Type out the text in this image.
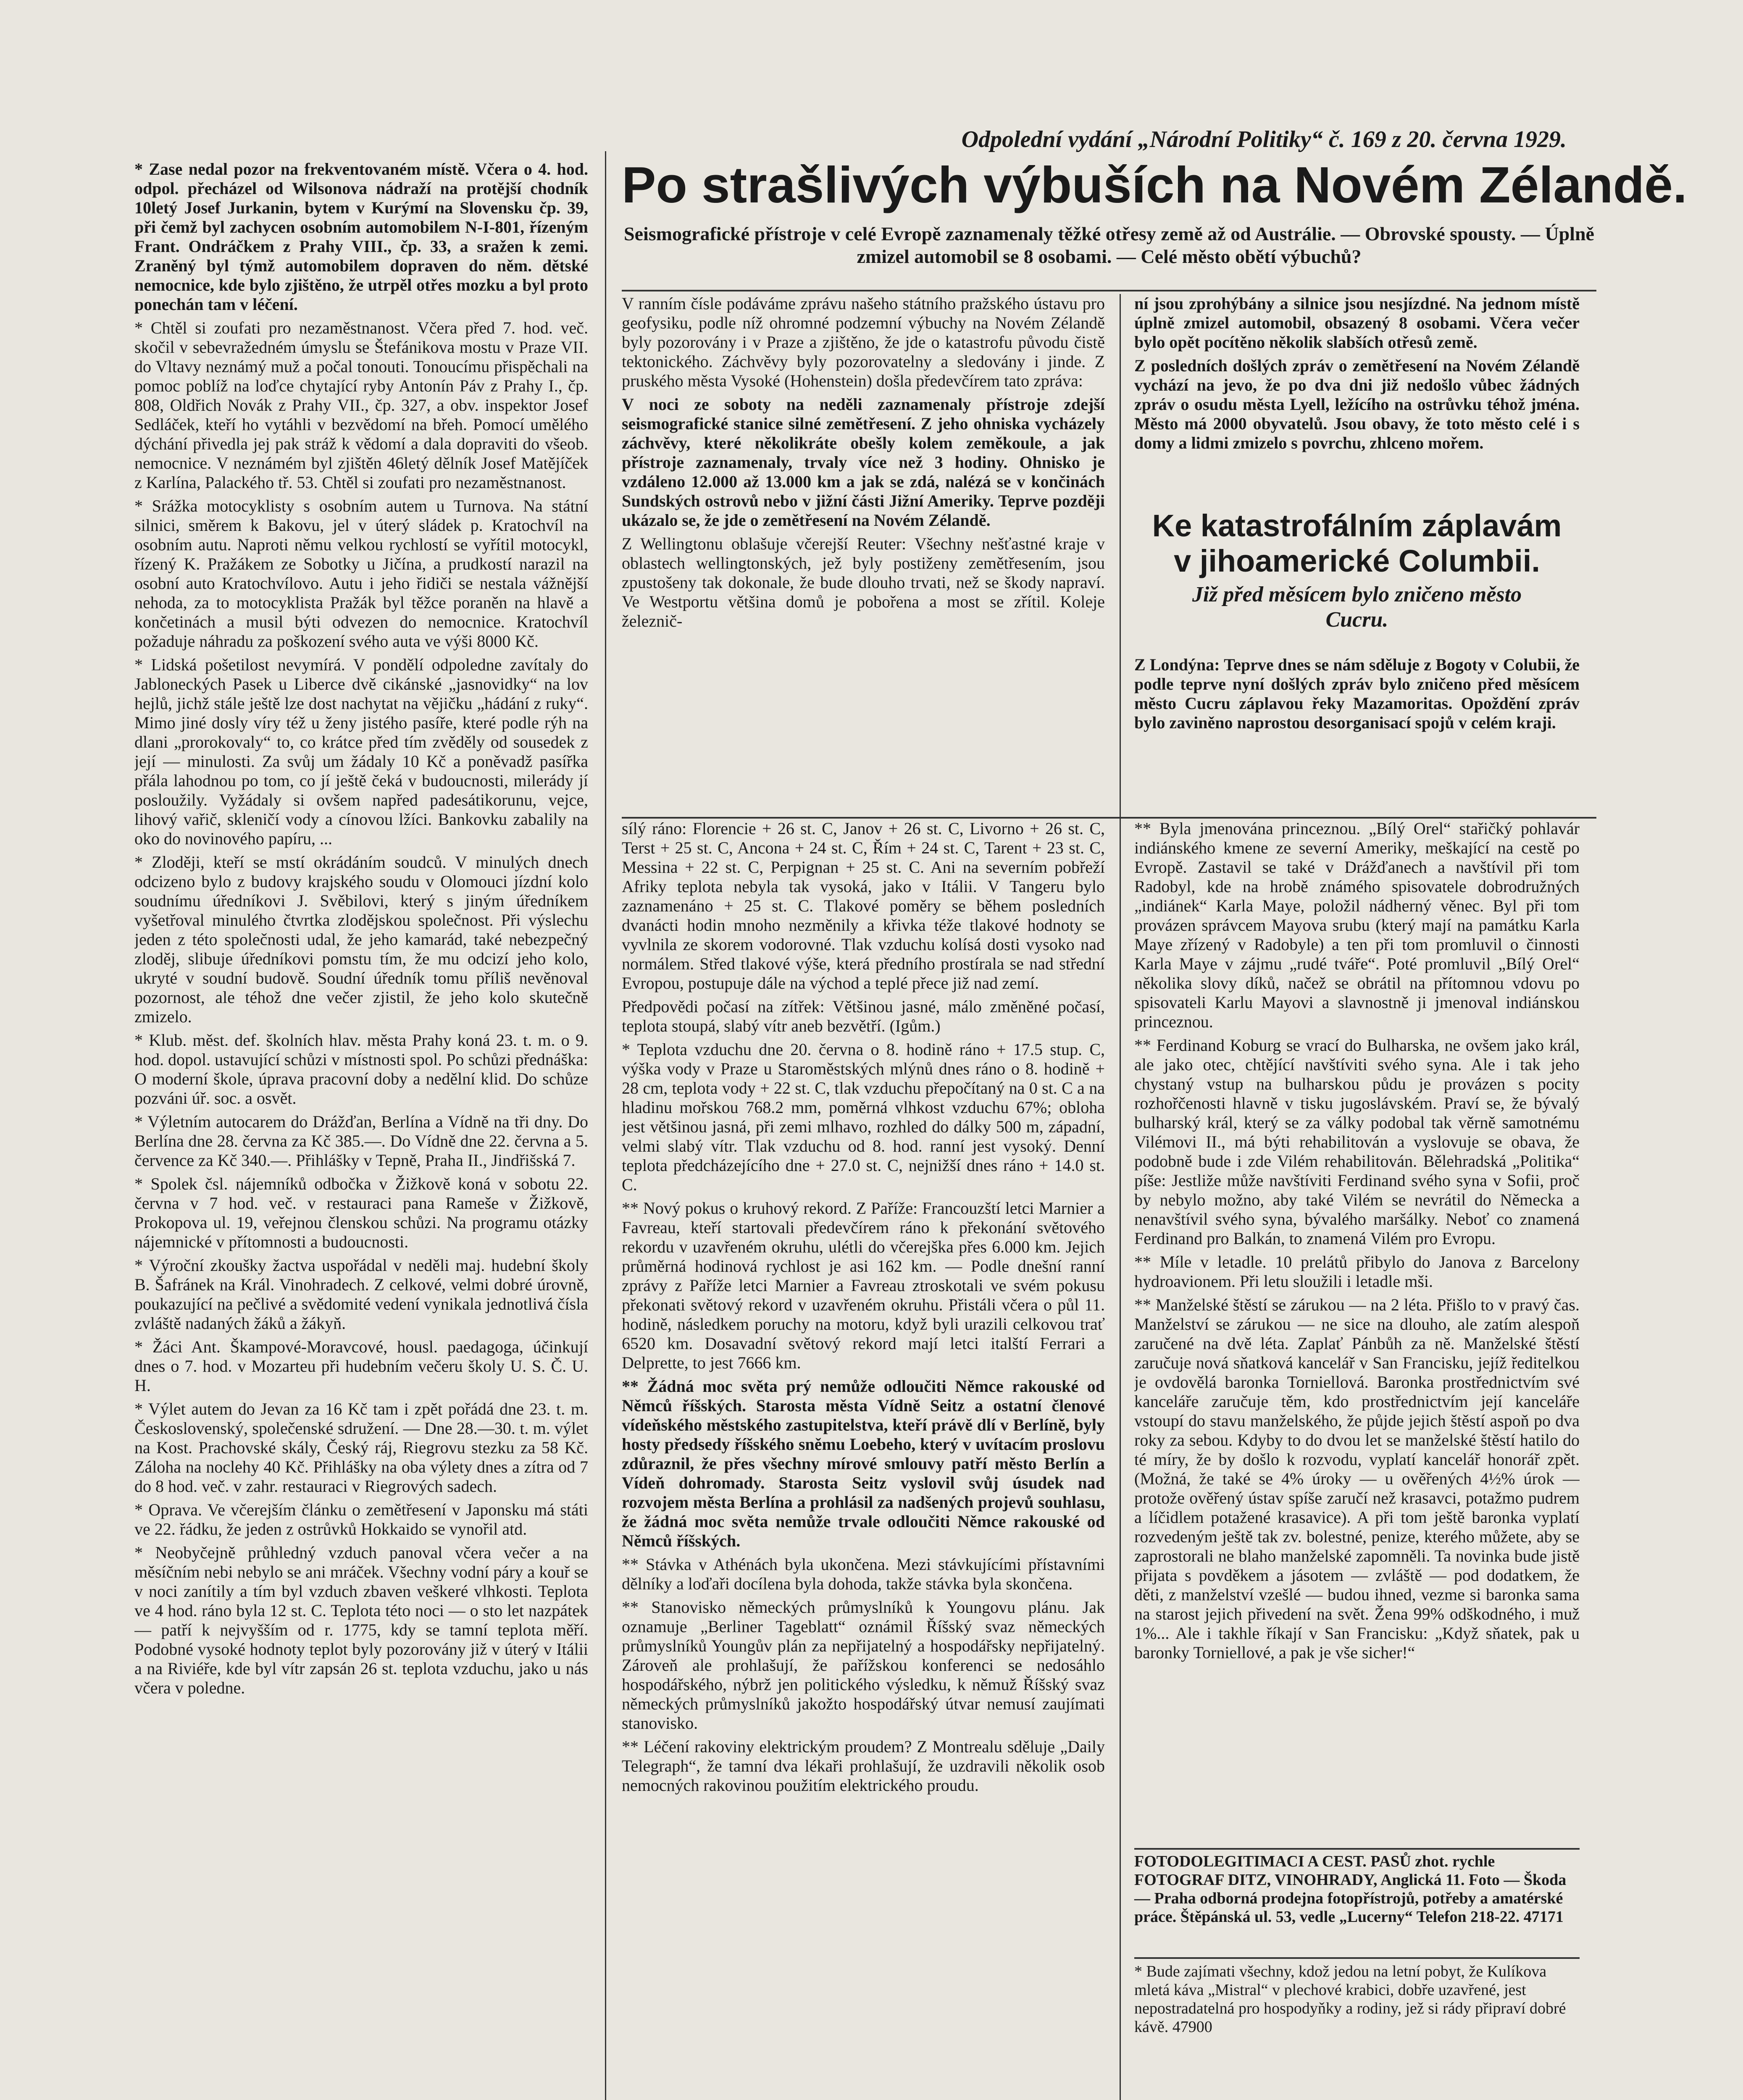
Odpolední vydání „Národní Politiky“ č. 169 z 20. června 1929.

* Zase nedal pozor na frekventovaném místě. Včera o 4. hod. odpol. přecházel od Wilsonova nádraží na protější chodník 10letý Josef Jurkanin, bytem v Kurýmí na Slovensku čp. 39, při čemž byl zachycen osobním automobilem N-I-801, řízeným Frant. Ondráčkem z Prahy VIII., čp. 33, a sražen k zemi. Zraněný byl týmž automobilem dopraven do něm. dětské nemocnice, kde bylo zjištěno, že utrpěl otřes mozku a byl proto ponechán tam v léčení.

* Chtěl si zoufati pro nezaměstnanost. Včera před 7. hod. več. skočil v sebevražedném úmyslu se Štefánikova mostu v Praze VII. do Vltavy neznámý muž a počal tonouti. Tonoucímu přispěchali na pomoc poblíž na loďce chytající ryby Antonín Páv z Prahy I., čp. 808, Oldřich Novák z Prahy VII., čp. 327, a obv. inspektor Josef Sedláček, kteří ho vytáhli v bezvědomí na břeh. Pomocí umělého dýchání přivedla jej pak stráž k vědomí a dala dopraviti do všeob. nemocnice. V neznámém byl zjištěn 46letý dělník Josef Matějíček z Karlína, Palackého tř. 53. Chtěl si zoufati pro nezaměstnanost.

* Srážka motocyklisty s osobním autem u Turnova. Na státní silnici, směrem k Bakovu, jel v úterý sládek p. Kratochvíl na osobním autu. Naproti němu velkou rychlostí se vyřítil motocykl, řízený K. Pražákem ze Sobotky u Jičína, a prudkostí narazil na osobní auto Kratochvílovo. Autu i jeho řidiči se nestala vážnější nehoda, za to motocyklista Pražák byl těžce poraněn na hlavě a končetinách a musil býti odvezen do nemocnice. Kratochvíl požaduje náhradu za poškození svého auta ve výši 8000 Kč.

* Lidská pošetilost nevymírá. V pondělí odpoledne zavítaly do Jabloneckých Pasek u Liberce dvě cikánské „jasnovidky“ na lov hejlů, jichž stále ještě lze dost nachytat na vějičku „hádání z ruky“. Mimo jiné dosly víry též u ženy jistého pasíře, které podle rýh na dlani „prorokovaly“ to, co krátce před tím zvěděly od sousedek z její — minulosti. Za svůj um žádaly 10 Kč a poněvadž pasířka přála lahodnou po tom, co jí ještě čeká v budoucnosti, milerády jí posloužily. Vyžádaly si ovšem napřed padesátikorunu, vejce, lihový vařič, skleničí vody a cínovou lžíci. Bankovku zabalily na oko do novinového papíru, ...

* Zloději, kteří se mstí okrádáním soudců. V minulých dnech odcizeno bylo z budovy krajského soudu v Olomouci jízdní kolo soudnímu úředníkovi J. Svěbilovi, který s jiným úředníkem vyšetřoval minulého čtvrtka zlodějskou společnost. Při výslechu jeden z této společnosti udal, že jeho kamarád, také nebezpečný zloděj, slibuje úředníkovi pomstu tím, že mu odcizí jeho kolo, ukryté v soudní budově. Soudní úředník tomu příliš nevěnoval pozornost, ale téhož dne večer zjistil, že jeho kolo skutečně zmizelo.

* Klub. měst. def. školních hlav. města Prahy koná 23. t. m. o 9. hod. dopol. ustavující schůzi v místnosti spol. Po schůzi přednáška: O moderní škole, úprava pracovní doby a nedělní klid. Do schůze pozváni úř. soc. a osvět.

* Výletním autocarem do Drážďan, Berlína a Vídně na tři dny. Do Berlína dne 28. června za Kč 385.—. Do Vídně dne 22. června a 5. července za Kč 340.—. Přihlášky v Tepně, Praha II., Jindřišská 7.

* Spolek čsl. nájemníků odbočka v Žižkově koná v sobotu 22. června v 7 hod. več. v restauraci pana Rameše v Žižkově, Prokopova ul. 19, veřejnou členskou schůzi. Na programu otázky nájemnické v přítomnosti a budoucnosti.

* Výroční zkoušky žactva uspořádal v neděli maj. hudební školy B. Šafránek na Král. Vinohradech. Z celkové, velmi dobré úrovně, pouka​zující na pečlivé a svědomité vedení vynikala jednotlivá čísla zvláště nadaných žáků a žákyň.

* Žáci Ant. Škampové-Moravcové, housl. paedagoga, účinkují dnes o 7. hod. v Mozarteu při hudebním večeru školy U. S. Č. U. H.

* Výlet autem do Jevan za 16 Kč tam i zpět pořádá dne 23. t. m. Československý, společenské sdružení. — Dne 28.—30. t. m. výlet na Kost. Prachovské skály, Český ráj, Riegrovu stezku za 58 Kč. Záloha na noclehy 40 Kč. Přihlášky na oba výlety dnes a zítra od 7 do 8 hod. več. v zahr. restauraci v Riegrových sadech.

* Oprava. Ve včerejším článku o zemětřesení v Japonsku má státi ve 22. řádku, že jeden z ostrůvků Hokkaido se vynořil atd.

* Neobyčejně průhledný vzduch panoval včera večer a na měsíčním nebi nebylo se ani mráček. Všechny vodní páry a kouř se v noci zanítily a tím byl vzduch zbaven veškeré vlhkosti. Teplota ve 4 hod. ráno byla 12 st. C. Teplota této noci — o sto let nazpátek — patří k nejvyšším od r. 1775, kdy se tamní teplota měří. Podobné vysoké hodnoty teplot byly pozorovány již v úterý v Itálii a na Riviéře, kde byl vítr zapsán 26 st. teplota vzduchu, jako u nás včera v poledne.

Po strašlivých výbuších na Novém Zélandě.
Seismografické přístroje v celé Evropě zaznamenaly těžké otřesy země až od Austrálie. — Obrovské spousty. — Úplně zmizel automobil se 8 osobami. — Celé město obětí výbuchů?

V ranním čísle podáváme zprávu našeho státního pražského ústavu pro geofysiku, podle níž ohromné podzemní výbuchy na Novém Zélandě byly pozorovány i v Praze a zjištěno, že jde o katastrofu původu čistě tektonického. Záchvěvy byly pozorovatelny a sledovány i jinde. Z pruského města Vysoké (Hohenstein) došla předevčírem tato zpráva:

V noci ze soboty na neděli zaznamenaly přístroje zdejší seismografické stanice silné zemětřesení. Z jeho ohniska vycházely záchvěvy, které několikráte obešly kolem zeměkoule, a jak přístroje zaznamenaly, trvaly více než 3 hodiny. Ohnisko je vzdáleno 12.000 až 13.000 km a jak se zdá, nalézá se v končinách Sundských ostrovů nebo v jižní části Jižní Ameriky. Teprve později ukázalo se, že jde o zemětřesení na Novém Zélandě.

Z Wellingtonu oblašuje včerejší Reuter: Všechny nešťastné kraje v oblastech wellingtonských, jež byly postiženy zemětřesením, jsou zpustošeny tak dokonale, že bude dlouho trvati, než se škody napraví. Ve Westportu většina domů je pobořena a most se zřítil. Koleje železnič-

ní jsou zprohýbány a silnice jsou nesjízdné. Na jednom místě úplně zmizel automobil, obsazený 8 osobami. Včera večer bylo opět pocítěno několik slabších otřesů země.

Z posledních došlých zpráv o zemětřesení na Novém Zélandě vychází na jevo, že po dva dni již nedošlo vůbec žádných zpráv o osudu města Lyell, ležícího na ostrůvku téhož jména. Město má 2000 obyvatelů. Jsou obavy, že toto město celé i s domy a lidmi zmizelo s povrchu, zhlceno mořem.

Ke katastrofálním záplavám
v jihoamerické Columbii.
Již před měsícem bylo zničeno město
Cucru.

Z Londýna: Teprve dnes se nám sděluje z Bogoty v Colubii, že podle teprve nyní došlých zpráv bylo zničeno před měsícem město Cucru záplavou řeky Mazamoritas. Opoždění zpráv bylo zaviněno naprostou desorganisací spojů v celém kraji.

sílý ráno: Florencie + 26 st. C, Janov + 26 st. C, Livorno + 26 st. C, Terst + 25 st. C, Ancona + 24 st. C, Řím + 24 st. C, Tarent + 23 st. C, Messina + 22 st. C, Perpignan + 25 st. C. Ani na severním pobřeží Afriky teplota nebyla tak vysoká, jako v Itálii. V Tangeru bylo zaznamenáno + 25 st. C. Tlakové poměry se během posledních dvanácti hodin mnoho nezměnily a křivka téže tlakové hodnoty se vyvlnila ze skorem vodorovné. Tlak vzduchu kolísá dosti vysoko nad normálem. Střed tlakové výše, která předního prostírala se nad střední Evropou, postupuje dále na východ a teplé přece již nad zemí.

Předpovědi počasí na zítřek: Většinou jasné, málo změněné počasí, teplota stoupá, slabý vítr aneb bezvětří. (Igům.)

* Teplota vzduchu dne 20. června o 8. hodině ráno + 17.5 stup. C, výška vody v Praze u Staroměstských mlýnů dnes ráno o 8. hodině + 28 cm, teplota vody + 22 st. C, tlak vzduchu přepočítaný na 0 st. C a na hladinu mořskou 768.2 mm, poměrná vlhkost vzduchu 67%; obloha jest většinou jasná, při zemi mlhavo, rozhled do dálky 500 m, západní, velmi slabý vítr. Tlak vzduchu od 8. hod. ranní jest vysoký. Denní teplota předcházejícího dne + 27.0 st. C, nejnižší dnes ráno + 14.0 st. C.

** Nový pokus o kruhový rekord. Z Paříže: Francouzští letci Marnier a Favreau, kteří startovali předevčírem ráno k překonání světového rekordu v uzavřeném okruhu, ulétli do včerejška přes 6.000 km. Jejich průměrná hodinová rychlost je asi 162 km. — Podle dnešní ranní zprávy z Paříže letci Marnier a Favreau ztroskotali ve svém pokusu překonati světový rekord v uzavřeném okruhu. Přistáli včera o půl 11. hodině, následkem poruchy na motoru, když byli urazili celkovou trať 6520 km. Dosavadní světový rekord mají letci italští Ferrari a Delprette, to jest 7666 km.

** Žádná moc světa prý nemůže odloučiti Němce rakouské od Němců říšských. Starosta města Vídně Seitz a ostatní členové vídeňského městského zastupitelstva, kteří právě dlí v Berlíně, byly hosty předsedy říšského sněmu Loebeho, který v uvítacím proslovu zdůraznil, že přes všechny mírové smlouvy patří město Berlín a Vídeň dohromady. Starosta Seitz vyslovil svůj úsudek nad rozvojem města Berlína a prohlásil za nadšených projevů souhlasu, že žádná moc světa nemůže trvale odloučiti Němce rakouské od Němců říšských.

** Stávka v Athénách byla ukončena. Mezi stávkujícími přístavními dělníky a loďaři docílena byla dohoda, takže stávka byla skončena.

** Stanovisko německých průmyslníků k Youngovu plánu. Jak oznamuje „Berliner Tageblatt“ oznámil Říšský svaz německých průmyslníků Youngův plán za nepřijatelný a hospodářsky nepřijatelný. Zároveň ale prohlašují, že pařížskou konferenci se nedosáhlo hospodářského, nýbrž jen politického výsledku, k němuž Říšský svaz německých průmyslníků jakožto hospodářský útvar nemusí zaujímati stanovisko.

** Léčení rakoviny elektrickým proudem? Z Montrealu sděluje „Daily Telegraph“, že tamní dva lékaři prohlašují, že uzdravili několik osob nemocných rakovinou použitím elektrického proudu.

** Byla jmenována princeznou. „Bílý Orel“ stařičký pohlavár indiánského kmene ze severní Ameriky, meškající na cestě po Evropě. Zastavil se také v Drážďanech a navštívil při tom Radobyl, kde na hrobě známého spisovatele dobrodružných „indiánek“ Karla Maye, položil nádherný věnec. Byl při tom provázen správcem Mayova srubu (který mají na památku Karla Maye zřízený v Radobyle) a ten při tom promluvil o činnosti Karla Maye v zájmu „rudé tváře“. Poté promluvil „Bílý Orel“ několika slovy díků, načež se obrátil na přítomnou vdovu po spisovateli Karlu Mayovi a slavnostně ji jmenoval indiánskou princeznou.

** Ferdinand Koburg se vrací do Bulharska, ne ovšem jako král, ale jako otec, chtějící navštíviti svého syna. Ale i tak jeho chystaný vstup na bulharskou půdu je provázen s pocity rozhořčenosti hlavně v tisku jugoslávském. Praví se, že bývalý bulharský král, který se za války podobal tak věrně samotnému Vilémovi II., má býti rehabilitován a vyslovuje se obava, že podobně bude i zde Vilém rehabilitován. Bělehradská „Politika“ píše: Jestliže může navštíviti Ferdinand svého syna v Sofii, proč by nebylo možno, aby také Vilém se nevrátil do Německa a nenavštívil svého syna, bývalého maršálky. Neboť co znamená Ferdinand pro Balkán, to znamená Vilém pro Evropu.

** Míle v letadle. 10 prelátů přibylo do Janova z Barcelony hydroavionem. Při letu sloužili i letadle mši.

** Manželské štěstí se zárukou — na 2 léta. Přišlo to v pravý čas. Manželství se zárukou — ne sice na dlouho, ale zatím alespoň zaručené na dvě léta. Zaplať Pánbůh za ně. Manželské štěstí zaručuje nová sňatková kancelář v San Francisku, jejíž ředitelkou je ovdovělá baronka Torniellová. Baronka prostřednictvím své kanceláře zaručuje těm, kdo prostřednictvím její kanceláře vstoupí do stavu manželského, že půjde jejich štěstí aspoň po dva roky za sebou. Kdyby to do dvou let se manželské štěstí hatilo do té míry, že by došlo k rozvodu, vyplatí kancelář honorář zpět. (Možná, že také se 4% úroky — u ověřených 4½% úrok — protože ověřený ústav spíše zaručí než krasavci, potažmo pudrem a líčidlem potažené krasavice). A při tom ještě baronka vyplatí rozvedeným ještě tak zv. bolestné, penize, kterého můžete, aby se zaprostorali ne blaho manželské zapomněli. Ta novinka bude jistě přijata s povděkem a jásotem — zvláště — pod dodatkem, že děti, z manželství vzešlé — budou ihned, vezme si baronka sama na starost jejich přivedení na svět. Žena 99% odškodného, i muž 1%... Ale i takhle říkají v San Francisku: „Když sňatek, pak u baronky Torniellové, a pak je vše sicher!“

FOTODOLEGITIMACI A CEST. PASŮ zhot. rychle FOTOGRAF DITZ, VINOHRADY, Anglická 11. Foto — Škoda — Praha odborná prodejna fotopřístrojů, potřeby a amatérské práce. Štěpánská ul. 53, vedle „Lucerny“ Telefon 218-22. 47171

* Bude zajímati všechny, kdož jedou na letní pobyt, že Kulíkova mletá káva „Mistral“ v plechové krabici, dobře uzavřené, jest nepostradatelná pro hospodyňky a rodiny, jež si rády připraví dobré kávě. 47900
